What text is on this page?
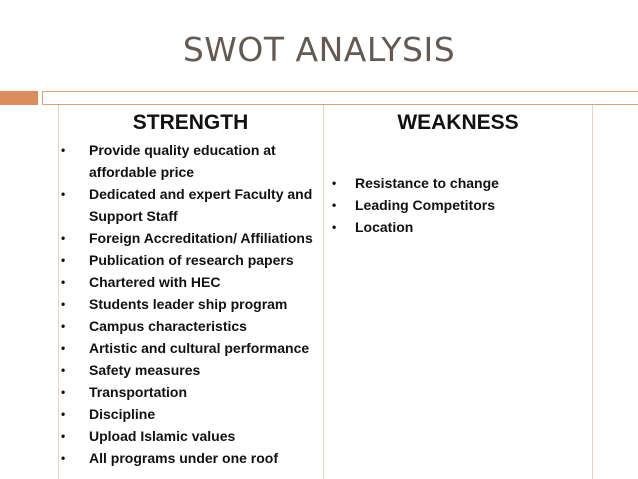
SWOT ANALYSIS
STRENGTH
• Provide quality education at affordable price
• Dedicated and expert Faculty and Support Staff
• Foreign Accreditation/ Affiliations
• Publication of research papers
• Chartered with HEC
• Students leader ship program
• Campus characteristics
• Artistic and cultural performance
• Safety measures
• Transportation
• Discipline
• Upload Islamic values
• All programs under one roof
WEAKNESS
• Resistance to change
• Leading Competitors
• Location
